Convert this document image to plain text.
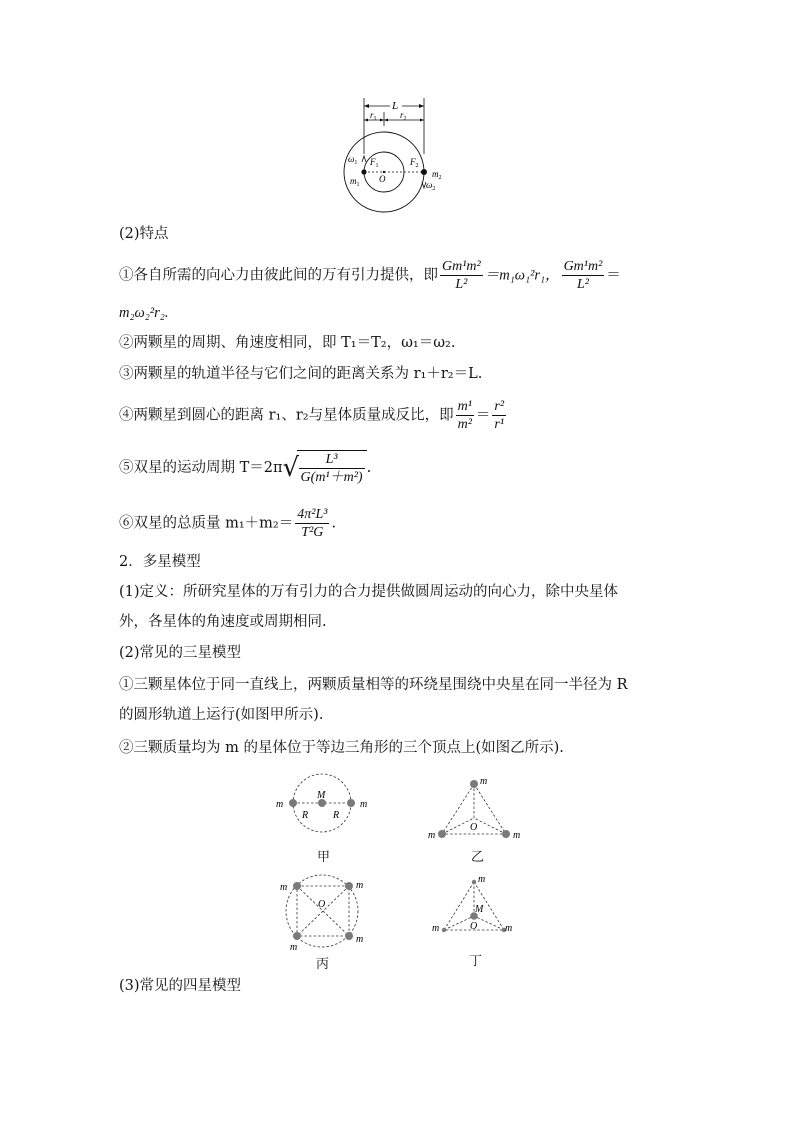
L
$r_1$	$r_2$
O
$F_1$	$F_2$
$\omega_1$
$m_1$
$m_2$
$\omega_2$
(2)特点
①各自所需的向心力由彼此间的万有引力提供，即 $\frac{\text{Gm¹m²}}{\text{L²}} =m_1\omega_1^2r_1$， $\frac{\text{Gm¹m²}}{\text{L²}}$ ＝
m₂ω₂²r₂.
②两颗星的周期、角速度相同，即 T₁＝T₂，ω₁＝ω₂.
③两颗星的轨道半径与它们之间的距离关系为 r₁＋r₂＝L.
④两颗星到圆心的距离 r₁、r₂与星体质量成反比，即 $\frac{\text{m¹}}{\text{m²}} = \frac{\text{r²}}{\text{r¹}}$
⑤双星的运动周期 T＝2π √ $\frac{\text{L³}}{\text{G(m¹＋m²)}}$ .
⑥双星的总质量 $m_1+m_2= \frac{\text{4π²L³}}{\text{T²G}}$ .
2．多星模型
(1)定义：所研究星体的万有引力的合力提供做圆周运动的向心力，除中央星体
外，各星体的角速度或周期相同.
(2)常见的三星模型
①三颗星体位于同一直线上，两颗质量相等的环绕星围绕中央星在同一半径为 R
的圆形轨道上运行(如图甲所示).
②三颗质量均为 m 的星体位于等边三角形的三个顶点上(如图乙所示).
m	m
M
R R
甲
m
m	m
O
乙
m	m
m
m
O
丙
m
m	m
M
O
丁
(3)常见的四星模型
